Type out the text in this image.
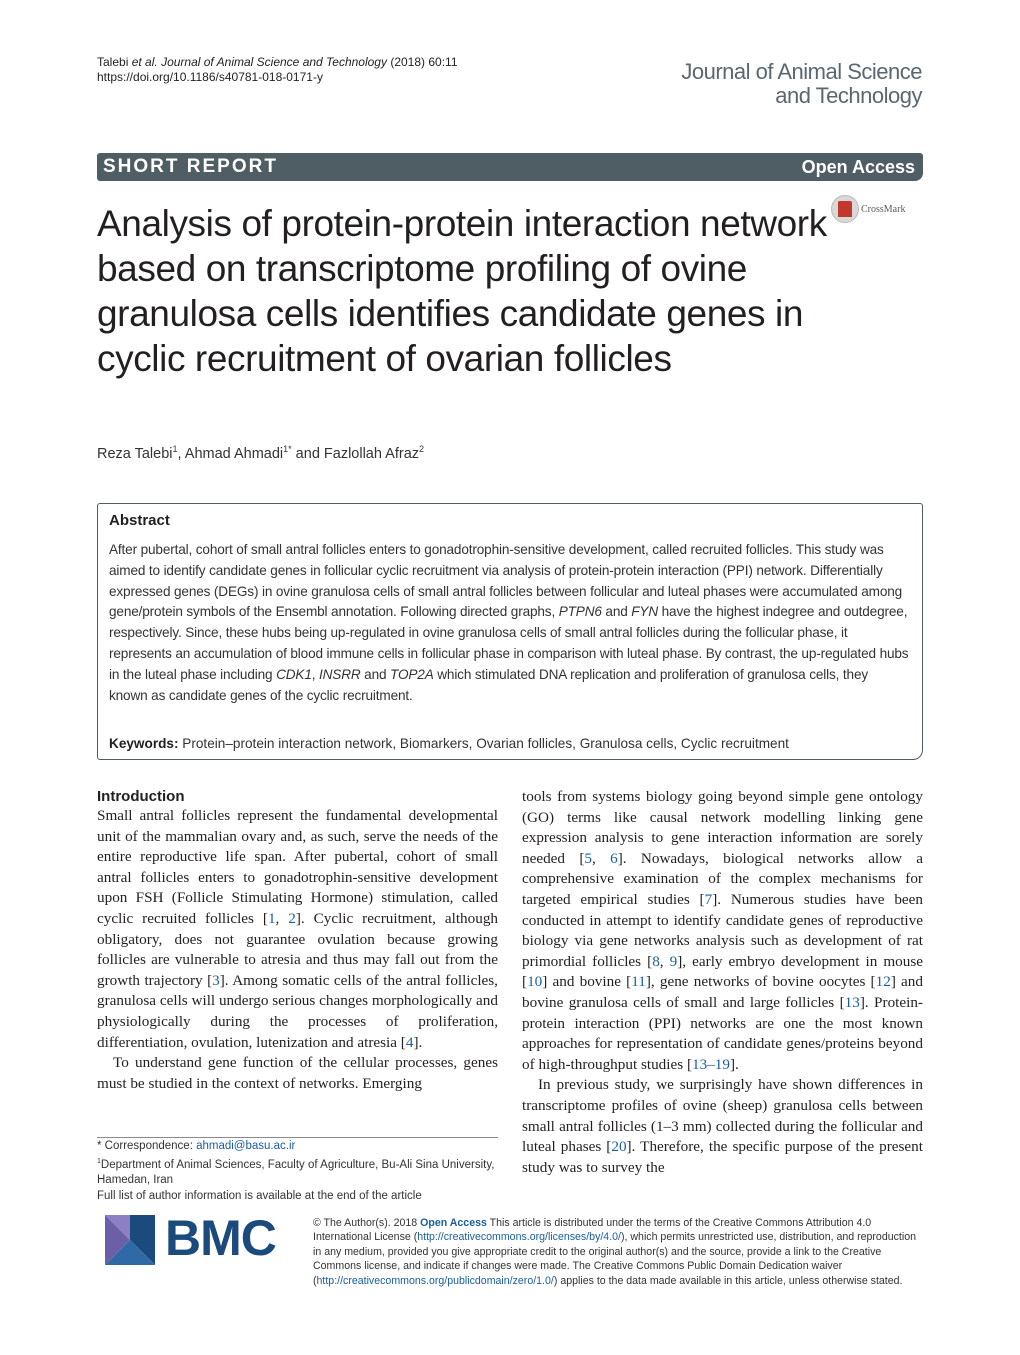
Talebi et al. Journal of Animal Science and Technology (2018) 60:11
https://doi.org/10.1186/s40781-018-0171-y	Journal of Animal Science
and Technology
SHORT REPORT	Open Access
Analysis of protein-protein interaction network based on transcriptome profiling of ovine granulosa cells identifies candidate genes in cyclic recruitment of ovarian follicles
CrossMark
Reza Talebi$^1$, Ahmad Ahmadi$^{1*}$ and Fazlollah Afraz$^2$
Abstract
After pubertal, cohort of small antral follicles enters to gonadotrophin-sensitive development, called recruited follicles. This study was aimed to identify candidate genes in follicular cyclic recruitment via analysis of protein-protein interaction (PPI) network. Differentially expressed genes (DEGs) in ovine granulosa cells of small antral follicles between follicular and luteal phases were accumulated among gene/protein symbols of the Ensembl annotation. Following directed graphs, PTPN6 and FYN have the highest indegree and outdegree, respectively. Since, these hubs being up-regulated in ovine granulosa cells of small antral follicles during the follicular phase, it represents an accumulation of blood immune cells in follicular phase in comparison with luteal phase. By contrast, the up-regulated hubs in the luteal phase including CDK1, INSRR and TOP2A which stimulated DNA replication and proliferation of granulosa cells, they known as candidate genes of the cyclic recruitment.
Keywords: Protein–protein interaction network, Biomarkers, Ovarian follicles, Granulosa cells, Cyclic recruitment
Introduction

Small antral follicles represent the fundamental developmental unit of the mammalian ovary and, as such, serve the needs of the entire reproductive life span. After pubertal, cohort of small antral follicles enters to gonadotrophin-sensitive development upon FSH (Follicle Stimulating Hormone) stimulation, called cyclic recruited follicles [1, 2]. Cyclic recruitment, although obligatory, does not guarantee ovulation because growing follicles are vulnerable to atresia and thus may fall out from the growth trajectory [3]. Among somatic cells of the antral follicles, granulosa cells will undergo serious changes morphologically and physiologically during the processes of proliferation, differentiation, ovulation, lutenization and atresia [4].

To understand gene function of the cellular processes, genes must be studied in the context of networks. Emerging

tools from systems biology going beyond simple gene ontology (GO) terms like causal network modelling linking gene expression analysis to gene interaction information are sorely needed [5, 6]. Nowadays, biological networks allow a comprehensive examination of the complex mechanisms for targeted empirical studies [7]. Numerous studies have been conducted in attempt to identify candidate genes of reproductive biology via gene networks analysis such as development of rat primordial follicles [8, 9], early embryo development in mouse [10] and bovine [11], gene networks of bovine oocytes [12] and bovine granulosa cells of small and large follicles [13]. Protein-protein interaction (PPI) networks are one the most known approaches for representation of candidate genes/proteins beyond of high-throughput studies [13–19].

In previous study, we surprisingly have shown differences in transcriptome profiles of ovine (sheep) granulosa cells between small antral follicles (1–3 mm) collected during the follicular and luteal phases [20]. Therefore, the specific purpose of the present study was to survey the

* Correspondence: ahmadi@basu.ac.ir
$^1$Department of Animal Sciences, Faculty of Agriculture, Bu-Ali Sina University, Hamedan, Iran
Full list of author information is available at the end of the article
BMC	© The Author(s). 2018 Open Access This article is distributed under the terms of the Creative Commons Attribution 4.0 International License (http://creativecommons.org/licenses/by/4.0/), which permits unrestricted use, distribution, and reproduction in any medium, provided you give appropriate credit to the original author(s) and the source, provide a link to the Creative Commons license, and indicate if changes were made. The Creative Commons Public Domain Dedication waiver (http://creativecommons.org/publicdomain/zero/1.0/) applies to the data made available in this article, unless otherwise stated.
